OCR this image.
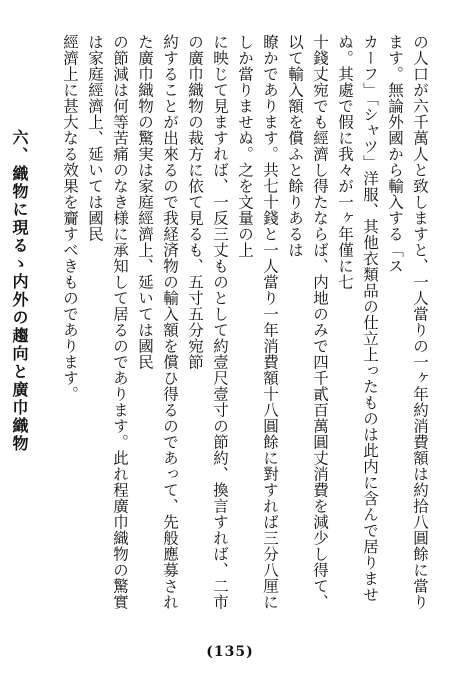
の人口が六千萬人と致しますと、一人當りの一ヶ年約消費額は約拾八圓餘に當ります。無論外國から輸入する「ス
カーフ」「シャツ」洋服、其他衣類品の仕立上ったものは此内に含んで居りませぬ。其處で假に我々が一ヶ年僅に七
十錢丈宛でも經濟し得たならば、内地のみで四千貳百萬圓丈消費を減少し得て、以て輸入額を償ふと餘りあるは
瞭かであります。共七十錢と一人當り一年消費額十八圓餘に對すれば三分八厘にしか當りませぬ。之を文量の上
に映じて見ますれば、一反三丈ものとして約壹尺壹寸の節約、換言すれば、二市の廣巾織物の裁方に依て見るも、五寸五分宛節
約することが出來るので我経済物の輸入額を償ひ得るのであって、先般應募された廣巾織物の驚実は家庭經濟上、延いては國民
の節減は何等苦痛のなき様に承知して居るのであります。此れ程廣巾織物の驚實は家庭經濟上、延いては國民
經濟上に甚大なる效果を齎すべきものであります。
六、織物に現るゝ内外の趨向と廣巾織物
(135)
